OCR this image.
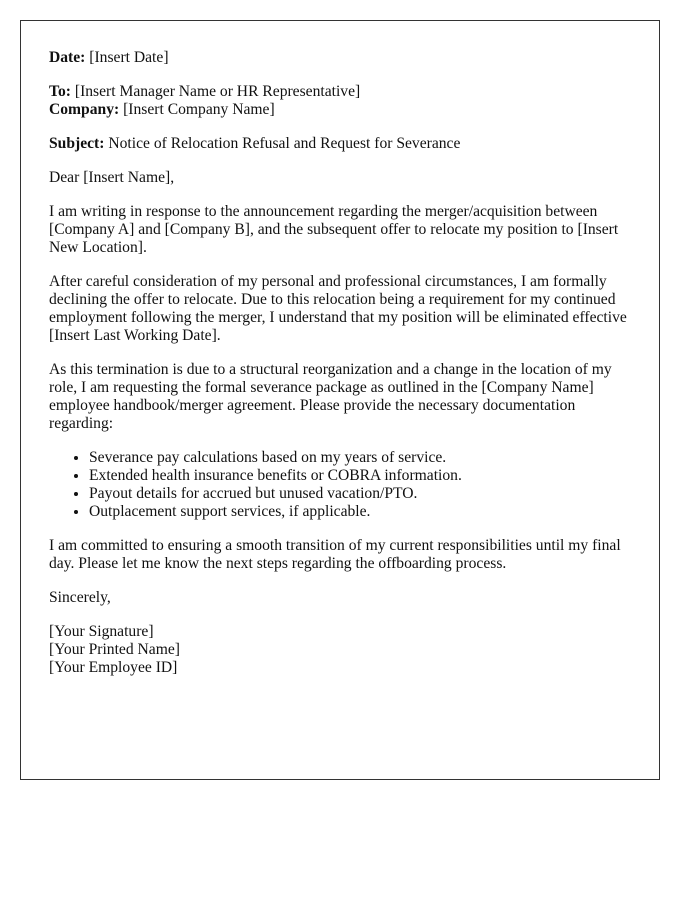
Date: [Insert Date]

To: [Insert Manager Name or HR Representative]

Company: [Insert Company Name]

Subject: Notice of Relocation Refusal and Request for Severance

Dear [Insert Name],

I am writing in response to the announcement regarding the merger/acquisition between [Company A] and [Company B], and the subsequent offer to relocate my position to [Insert New Location].

After careful consideration of my personal and professional circumstances, I am formally declining the offer to relocate. Due to this relocation being a requirement for my continued employment following the merger, I understand that my position will be eliminated effective [Insert Last Working Date].

As this termination is due to a structural reorganization and a change in the location of my role, I am requesting the formal severance package as outlined in the [Company Name] employee handbook/merger agreement. Please provide the necessary documentation regarding:

• Severance pay calculations based on my years of service.
• Extended health insurance benefits or COBRA information.
• Payout details for accrued but unused vacation/PTO.
• Outplacement support services, if applicable.

I am committed to ensuring a smooth transition of my current responsibilities until my final day. Please let me know the next steps regarding the offboarding process.

Sincerely,

[Your Signature]
[Your Printed Name]
[Your Employee ID]
